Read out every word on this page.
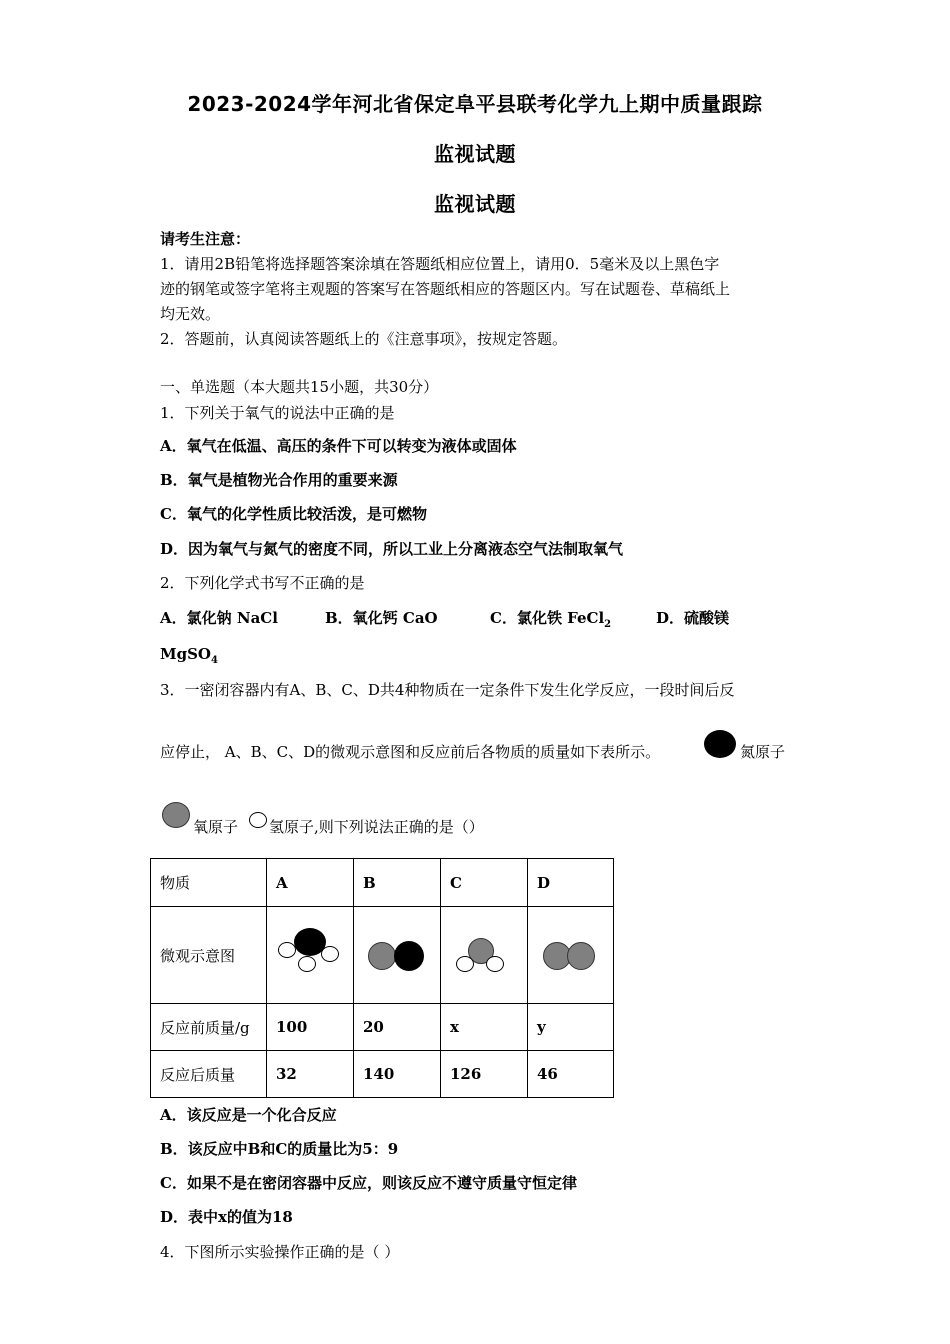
2023-2024学年河北省保定阜平县联考化学九上期中质量跟踪
监视试题
监视试题
请考生注意：
1．请用2B铅笔将选择题答案涂填在答题纸相应位置上，请用0．5毫米及以上黑色字
迹的钢笔或签字笔将主观题的答案写在答题纸相应的答题区内。写在试题卷、草稿纸上
均无效。
2．答题前，认真阅读答题纸上的《注意事项》，按规定答题。
一、单选题（本大题共15小题，共30分）
1．下列关于氧气的说法中正确的是
A．氧气在低温、高压的条件下可以转变为液体或固体
B．氧气是植物光合作用的重要来源
C．氧气的化学性质比较活泼，是可燃物
D．因为氧气与氮气的密度不同，所以工业上分离液态空气法制取氧气
2．下列化学式书写不正确的是
A．氯化钠 NaCl	B．氧化钙 CaO	C．氯化铁 FeCl$_2$	D．硫酸镁
MgSO$_4$
3．一密闭容器内有A、B、C、D共4种物质在一定条件下发生化学反应，一段时间后反
应停止， A、B、C、D的微观示意图和反应前后各物质的质量如下表所示。	氮原子
氧原子 氢原子,则下列说法正确的是（）
物质	A	B	C	D
微观示意图	

反应前质量/g	100	20	x	y
反应后质量	32	140	126	46
A．该反应是一个化合反应
B．该反应中B和C的质量比为5：9
C．如果不是在密闭容器中反应，则该反应不遵守质量守恒定律
D．表中x的值为18
4．下图所示实验操作正确的是（ ）
